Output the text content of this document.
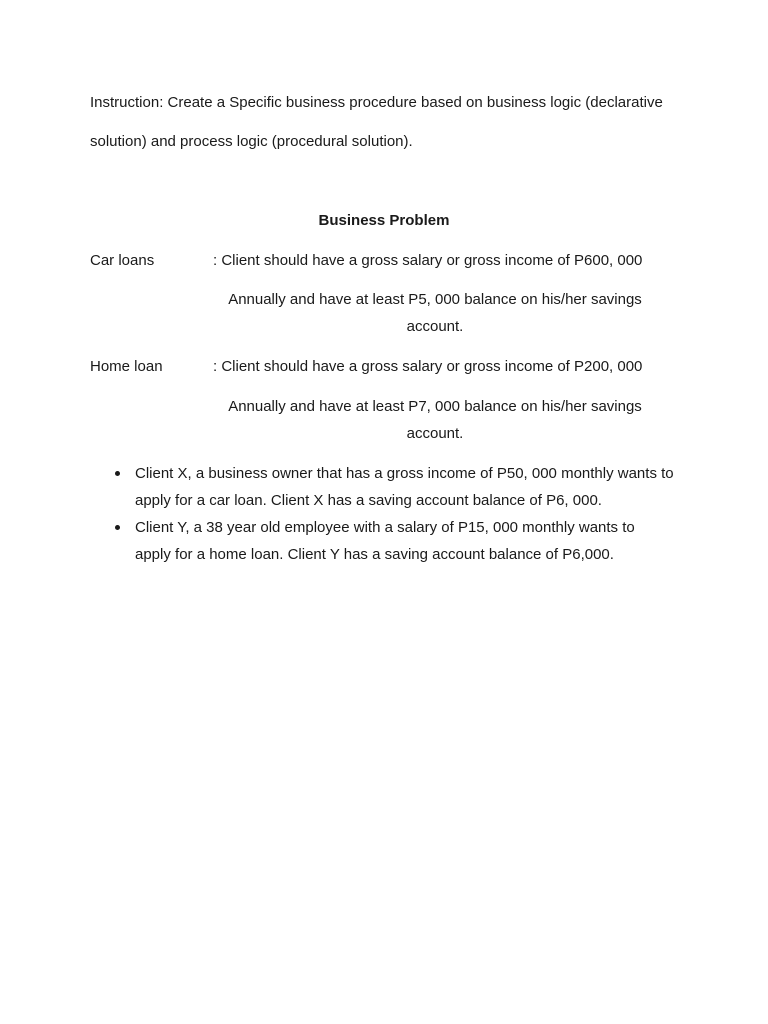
Instruction: Create a Specific business procedure based on business logic (declarative
solution) and process logic (procedural solution).
Business Problem
Car loans	: Client should have a gross salary or gross income of P600, 000
Annually and have at least P5, 000 balance on his/her savings
account.
Home loan	: Client should have a gross salary or gross income of P200, 000
Annually and have at least P7, 000 balance on his/her savings
account.
Client X, a business owner that has a gross income of P50, 000 monthly wants to
apply for a car loan. Client X has a saving account balance of P6, 000.
Client Y, a 38 year old employee with a salary of P15, 000 monthly wants to
apply for a home loan. Client Y has a saving account balance of P6,000.
